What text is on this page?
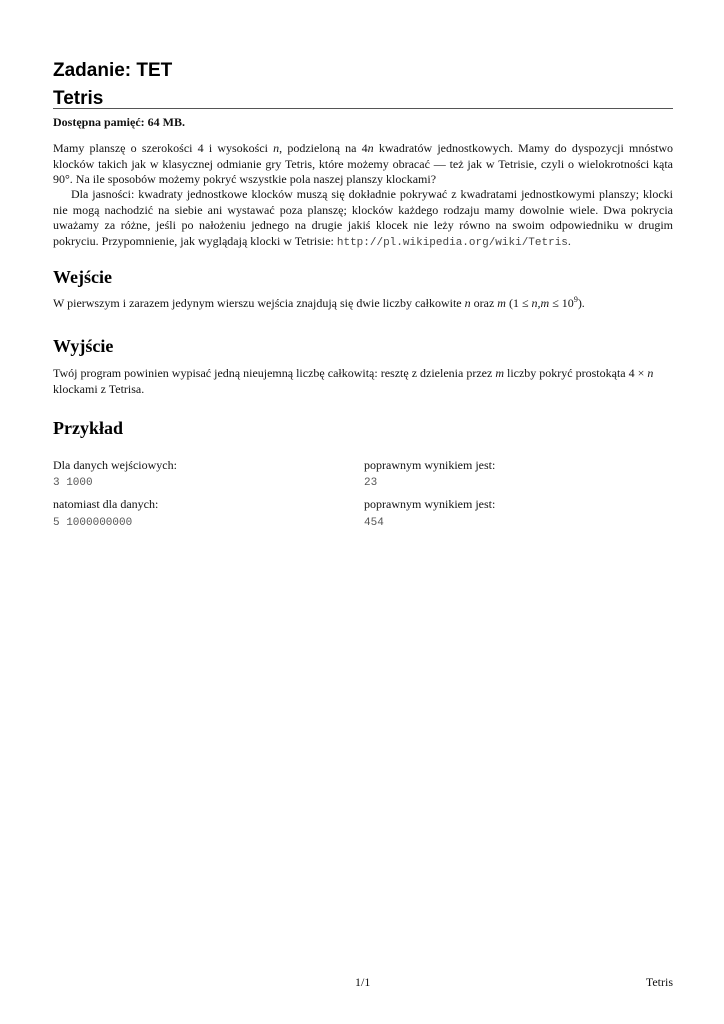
Zadanie: TET
Tetris
Dostępna pamięć: 64 MB.
Mamy planszę o szerokości 4 i wysokości n, podzieloną na 4n kwadratów jednostkowych. Mamy do dyspozycji mnóstwo klocków takich jak w klasycznej odmianie gry Tetris, które możemy obracać — też jak w Tetrisie, czyli o wielokrotności kąta 90°. Na ile sposobów możemy pokryć wszystkie pola naszej planszy klockami?
Dla jasności: kwadraty jednostkowe klocków muszą się dokładnie pokrywać z kwadratami jednostkowymi planszy; klocki nie mogą nachodzić na siebie ani wystawać poza planszę; klocków każdego rodzaju mamy dowolnie wiele. Dwa pokrycia uważamy za różne, jeśli po nałożeniu jednego na drugie jakiś klocek nie leży równo na swoim odpowiedniku w drugim pokryciu. Przypomnienie, jak wyglądają klocki w Tetrisie: http://pl.wikipedia.org/wiki/Tetris.
Wejście
W pierwszym i zarazem jedynym wierszu wejścia znajdują się dwie liczby całkowite n oraz m $(1 \le n,m \le 10^9)$.
Wyjście
Twój program powinien wypisać jedną nieujemną liczbę całkowitą: resztę z dzielenia przez m liczby pokryć prostokąta 4 × n
klockami z Tetrisa.
Przykład
Dla danych wejściowych:	poprawnym wynikiem jest:
3 1000	23
natomiast dla danych:	poprawnym wynikiem jest:
5 1000000000	454
1/1	Tetris
